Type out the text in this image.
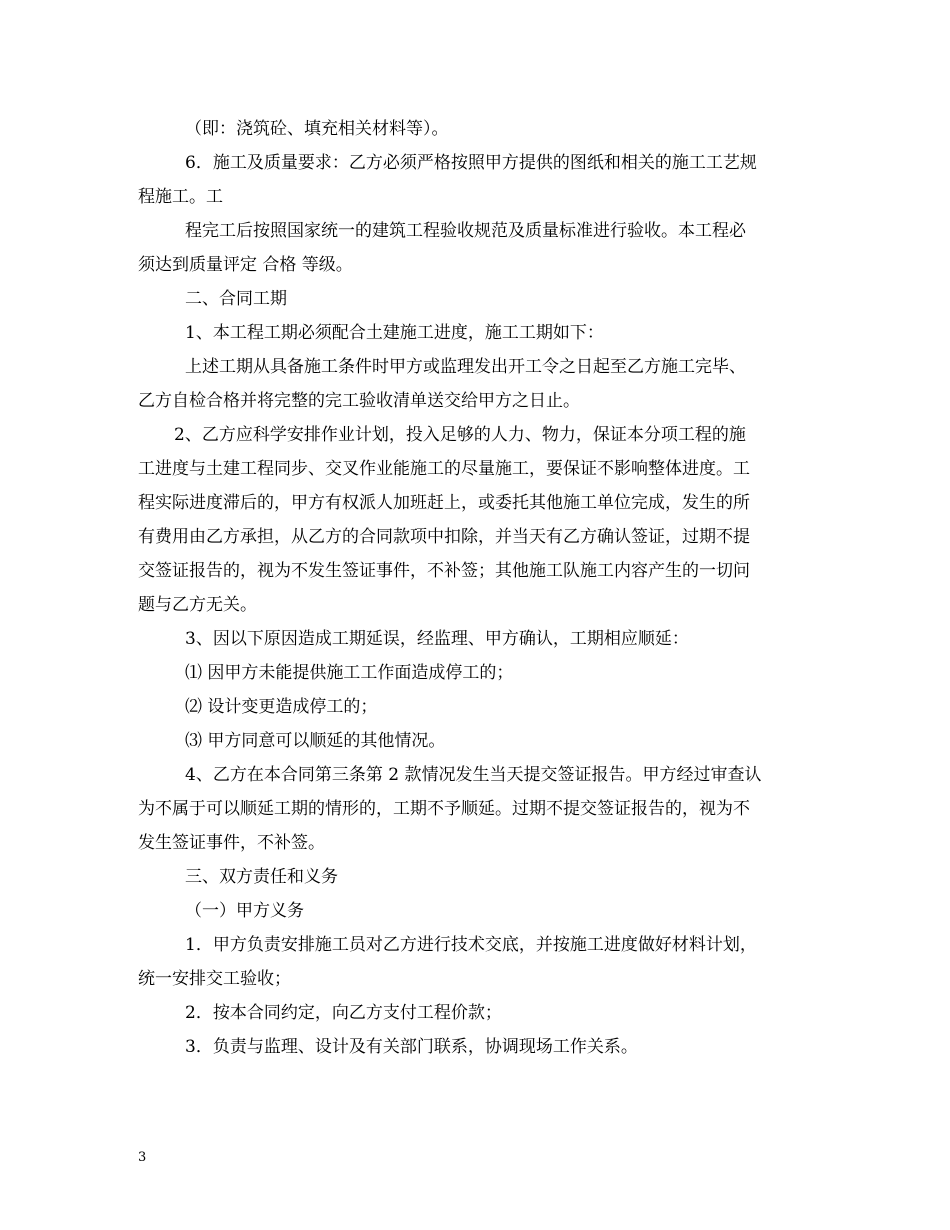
（即：浇筑砼、填充相关材料等）。
6．施工及质量要求：乙方必须严格按照甲方提供的图纸和相关的施工工艺规
程施工。工
程完工后按照国家统一的建筑工程验收规范及质量标准进行验收。本工程必
须达到质量评定 合格 等级。
二、合同工期
1、本工程工期必须配合土建施工进度，施工工期如下：
上述工期从具备施工条件时甲方或监理发出开工令之日起至乙方施工完毕、
乙方自检合格并将完整的完工验收清单送交给甲方之日止。
2、乙方应科学安排作业计划，投入足够的人力、物力，保证本分项工程的施
工进度与土建工程同步、交叉作业能施工的尽量施工，要保证不影响整体进度。工
程实际进度滞后的，甲方有权派人加班赶上，或委托其他施工单位完成，发生的所
有费用由乙方承担，从乙方的合同款项中扣除，并当天有乙方确认签证，过期不提
交签证报告的，视为不发生签证事件，不补签；其他施工队施工内容产生的一切问
题与乙方无关。
3、因以下原因造成工期延误，经监理、甲方确认，工期相应顺延：
⑴ 因甲方未能提供施工工作面造成停工的；
⑵ 设计变更造成停工的；
⑶ 甲方同意可以顺延的其他情况。
4、乙方在本合同第三条第 2 款情况发生当天提交签证报告。甲方经过审查认
为不属于可以顺延工期的情形的，工期不予顺延。过期不提交签证报告的，视为不
发生签证事件，不补签。
三、双方责任和义务
（一）甲方义务
1．甲方负责安排施工员对乙方进行技术交底，并按施工进度做好材料计划，
统一安排交工验收；
2．按本合同约定，向乙方支付工程价款；
3．负责与监理、设计及有关部门联系，协调现场工作关系。
3
